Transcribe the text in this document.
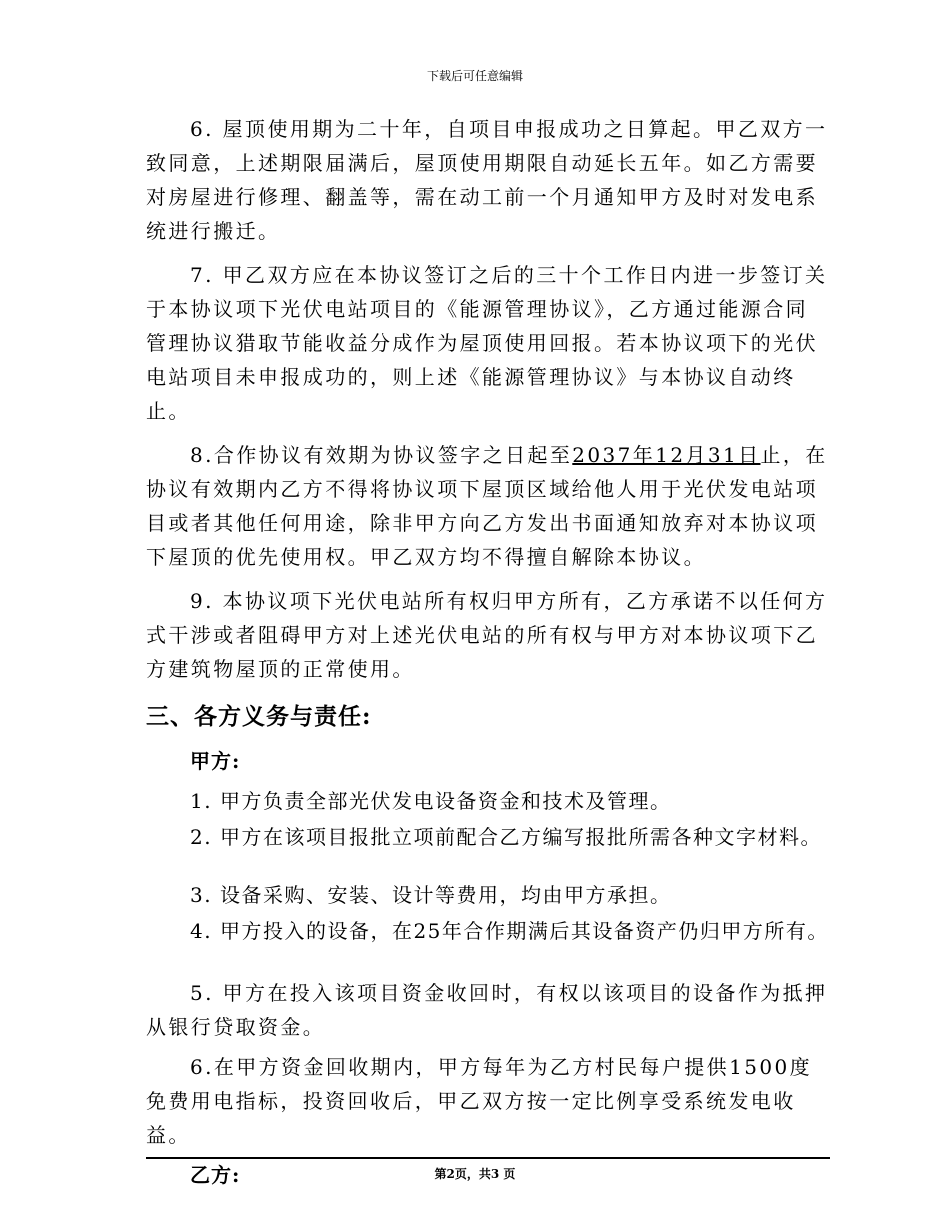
下载后可任意编辑

6. 屋顶使用期为二十年，自项目申报成功之日算起。甲乙双方一致同意，上述期限届满后，屋顶使用期限自动延长五年。如乙方需要对房屋进行修理、翻盖等，需在动工前一个月通知甲方及时对发电系统进行搬迁。

7. 甲乙双方应在本协议签订之后的三十个工作日内进一步签订关于本协议项下光伏电站项目的《能源管理协议》，乙方通过能源合同管理协议猎取节能收益分成作为屋顶使用回报。若本协议项下的光伏电站项目未申报成功的，则上述《能源管理协议》与本协议自动终止。

8.合作协议有效期为协议签字之日起至2037年12月31日止，在协议有效期内乙方不得将协议项下屋顶区域给他人用于光伏发电站项目或者其他任何用途，除非甲方向乙方发出书面通知放弃对本协议项下屋顶的优先使用权。甲乙双方均不得擅自解除本协议。

9. 本协议项下光伏电站所有权归甲方所有，乙方承诺不以任何方式干涉或者阻碍甲方对上述光伏电站的所有权与甲方对本协议项下乙方建筑物屋顶的正常使用。

三、各方义务与责任:
甲方:

1. 甲方负责全部光伏发电设备资金和技术及管理。

2. 甲方在该项目报批立项前配合乙方编写报批所需各种文字材料。

3. 设备采购、安装、设计等费用，均由甲方承担。

4. 甲方投入的设备，在25年合作期满后其设备资产仍归甲方所有。

5. 甲方在投入该项目资金收回时，有权以该项目的设备作为抵押从银行贷取资金。

6.在甲方资金回收期内，甲方每年为乙方村民每户提供1500度免费用电指标，投资回收后，甲乙双方按一定比例享受系统发电收益。

乙方:	第2页，共3 页
